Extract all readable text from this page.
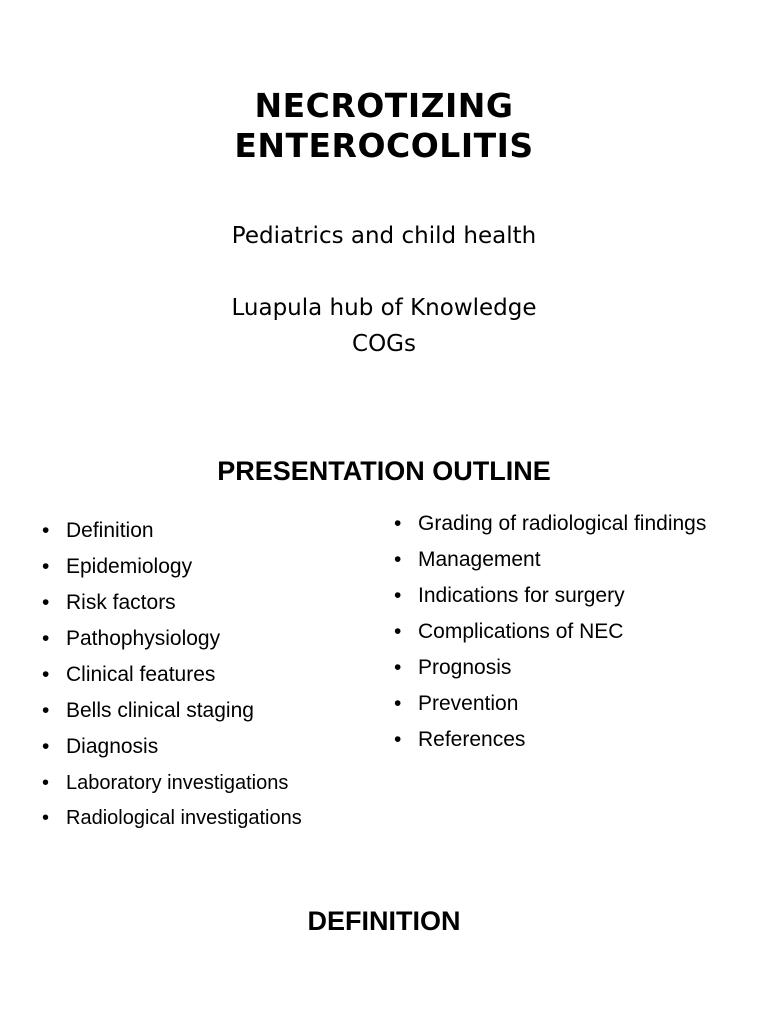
NECROTIZING
ENTEROCOLITIS
Pediatrics and child health
Luapula hub of Knowledge
COGs
PRESENTATION OUTLINE
• Definition
• Epidemiology
• Risk factors
• Pathophysiology
• Clinical features
• Bells clinical staging
• Diagnosis
• Laboratory investigations
• Radiological investigations
• Grading of radiological findings
• Management
• Indications for surgery
• Complications of NEC
• Prognosis
• Prevention
• References
DEFINITION
